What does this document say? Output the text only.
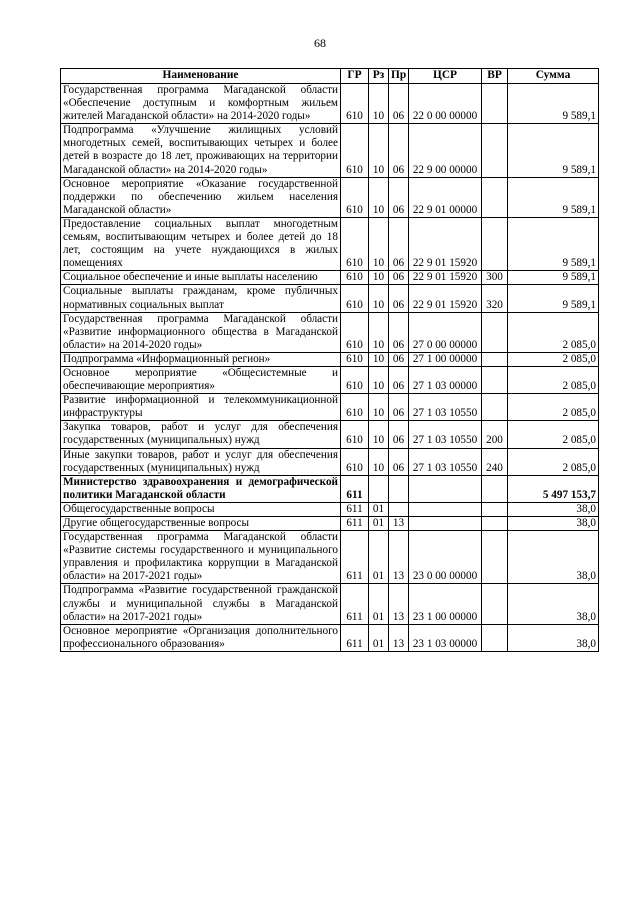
68
Наименование	ГР	Рз	Пр	ЦСР	ВР	Сумма
Государственная программа Магаданской области «Обеспечение доступным и комфортным жильем жителей Магаданской области» на 2014-2020 годы»	610	10	06	22 0 00 00000		9 589,1
Подпрограмма «Улучшение жилищных условий многодетных семей, воспитывающих четырех и более детей в возрасте до 18 лет, проживающих на территории Магаданской области» на 2014-2020 годы»	610	10	06	22 9 00 00000		9 589,1
Основное мероприятие «Оказание государственной поддержки по обеспечению жильем населения Магаданской области»	610	10	06	22 9 01 00000		9 589,1
Предоставление социальных выплат многодетным семьям, воспитывающим четырех и более детей до 18 лет, состоящим на учете нуждающихся в жилых помещениях	610	10	06	22 9 01 15920		9 589,1
Социальное обеспечение и иные выплаты населению	610	10	06	22 9 01 15920	300	9 589,1
Социальные выплаты гражданам, кроме публичных нормативных социальных выплат	610	10	06	22 9 01 15920	320	9 589,1
Государственная программа Магаданской области «Развитие информационного общества в Магаданской области» на 2014-2020 годы»	610	10	06	27 0 00 00000		2 085,0
Подпрограмма «Информационный регион»	610	10	06	27 1 00 00000		2 085,0
Основное мероприятие «Общесистемные и обеспечивающие мероприятия»	610	10	06	27 1 03 00000		2 085,0
Развитие информационной и телекоммуникационной инфраструктуры	610	10	06	27 1 03 10550		2 085,0
Закупка товаров, работ и услуг для обеспечения государственных (муниципальных) нужд	610	10	06	27 1 03 10550	200	2 085,0
Иные закупки товаров, работ и услуг для обеспечения государственных (муниципальных) нужд	610	10	06	27 1 03 10550	240	2 085,0
Министерство здравоохранения и демографической политики Магаданской области	611					5 497 153,7
Общегосударственные вопросы	611	01				38,0
Другие общегосударственные вопросы	611	01	13			38,0
Государственная программа Магаданской области «Развитие системы государственного и муниципального управления и профилактика коррупции в Магаданской области» на 2017-2021 годы»	611	01	13	23 0 00 00000		38,0
Подпрограмма «Развитие государственной гражданской службы и муниципальной службы в Магаданской области» на 2017-2021 годы»	611	01	13	23 1 00 00000		38,0
Основное мероприятие «Организация дополнительного профессионального образования»	611	01	13	23 1 03 00000		38,0
